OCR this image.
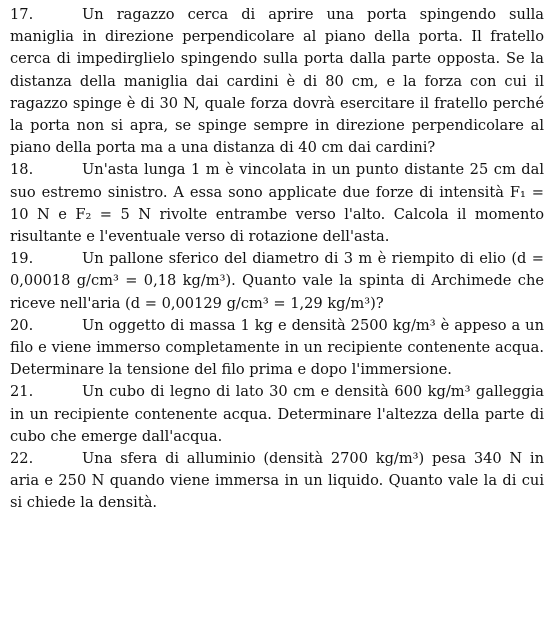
17.	Un ragazzo cerca di aprire una porta spingendo sulla maniglia in direzione perpendicolare al piano della porta. Il fratello cerca di impedirglielo spingendo sulla porta dalla parte opposta. Se la distanza della maniglia dai cardini è di 80 cm, e la forza con cui il ragazzo spinge è di 30 N, quale forza dovrà esercitare il fratello perché la porta non si apra, se spinge sempre in direzione perpendicolare al piano della porta ma a una distanza di 40 cm dai cardini?

18.	Un'asta lunga 1 m è vincolata in un punto distante 25 cm dal suo estremo sinistro. A essa sono applicate due forze di intensità F₁ = 10 N e F₂ = 5 N rivolte entrambe verso l'alto. Calcola il momento risultante e l'eventuale verso di rotazione dell'asta.

19.	Un pallone sferico del diametro di 3 m è riempito di elio (d = 0,00018 g/cm³ = 0,18 kg/m³). Quanto vale la spinta di Archimede che riceve nell'aria (d = 0,00129 g/cm³ = 1,29 kg/m³)?

20.	Un oggetto di massa 1 kg e densità 2500 kg/m³ è appeso a un filo e viene immerso completamente in un recipiente contenente acqua. Determinare la tensione del filo prima e dopo l'immersione.

21.	Un cubo di legno di lato 30 cm e densità 600 kg/m³ galleggia in un recipiente contenente acqua. Determinare l'altezza della parte di cubo che emerge dall'acqua.

22.	Una sfera di alluminio (densità 2700 kg/m³) pesa 340 N in aria e 250 N quando viene immersa in un liquido. Quanto vale la di cui si chiede la densità.
